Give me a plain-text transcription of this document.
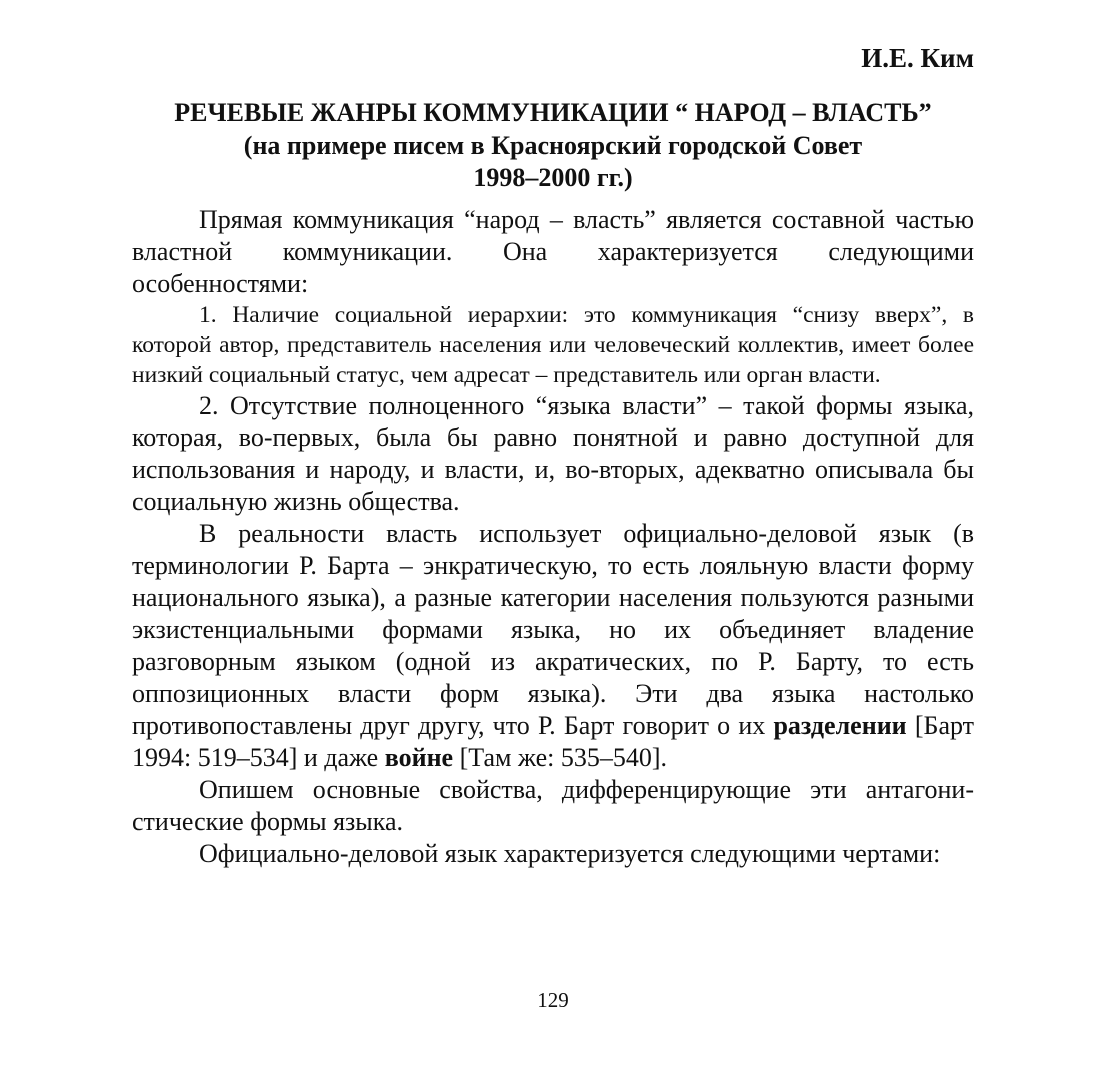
И.Е. Ким
РЕЧЕВЫЕ ЖАНРЫ КОММУНИКАЦИИ “ НАРОД – ВЛАСТЬ”
(на примере писем в Красноярский городской Совет
1998–2000 гг.)

Прямая коммуникация “народ – власть” является составной частью властной коммуникации. Она характеризуется следующими особенностями:

1. Наличие социальной иерархии: это коммуникация “снизу вверх”, в которой автор, представитель населения или человеческий коллектив, имеет более низкий социальный статус, чем адресат – представитель или орган власти.

2. Отсутствие полноценного “языка власти” – такой формы языка, которая, во-первых, была бы равно понятной и равно доступной для использования и народу, и власти, и, во-вторых, адекватно описывала бы социальную жизнь общества.

В реальности власть использует официально-деловой язык (в терминологии Р. Барта – энкратическую, то есть лояльную власти форму национального языка), а разные категории населения пользуются разными экзистенциальными формами языка, но их объединяет владение разговорным языком (одной из акратических, по Р. Барту, то есть оппозиционных власти форм языка). Эти два языка настолько противопоставлены друг другу, что Р. Барт говорит о их разделении [Барт 1994: 519–534] и даже войне [Там же: 535–540].

Опишем основные свойства, дифференцирующие эти антагонистические формы языка.

Официально-деловой язык характеризуется следующими чертами:

129
